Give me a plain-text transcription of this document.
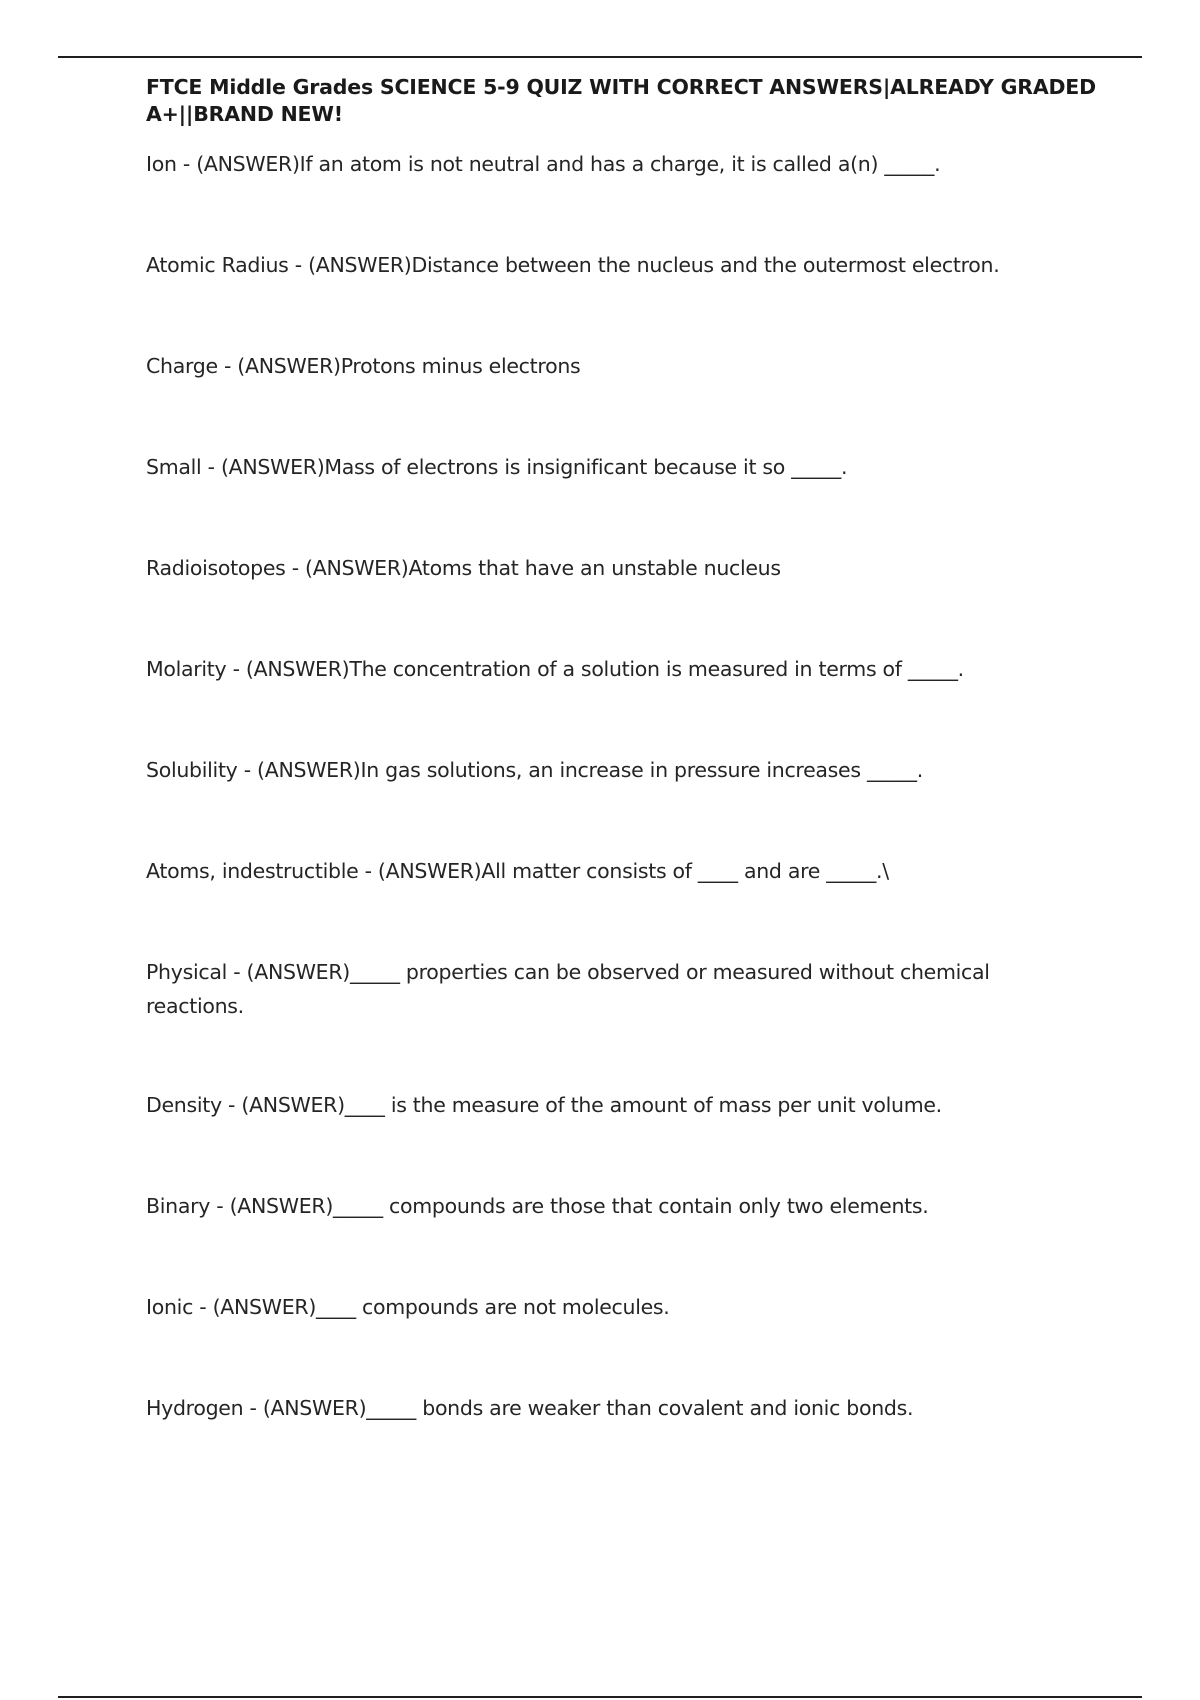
FTCE Middle Grades SCIENCE 5-9 QUIZ WITH CORRECT ANSWERS|ALREADY GRADED A+||BRAND NEW!
Ion - (ANSWER)If an atom is not neutral and has a charge, it is called a(n) _____.
Atomic Radius - (ANSWER)Distance between the nucleus and the outermost electron.
Charge - (ANSWER)Protons minus electrons
Small - (ANSWER)Mass of electrons is insignificant because it so _____.
Radioisotopes - (ANSWER)Atoms that have an unstable nucleus
Molarity - (ANSWER)The concentration of a solution is measured in terms of _____.
Solubility - (ANSWER)In gas solutions, an increase in pressure increases _____.
Atoms, indestructible - (ANSWER)All matter consists of ____ and are _____.\
Physical - (ANSWER)_____ properties can be observed or measured without chemical reactions.
Density - (ANSWER)____ is the measure of the amount of mass per unit volume.
Binary - (ANSWER)_____ compounds are those that contain only two elements.
Ionic - (ANSWER)____ compounds are not molecules.
Hydrogen - (ANSWER)_____ bonds are weaker than covalent and ionic bonds.
